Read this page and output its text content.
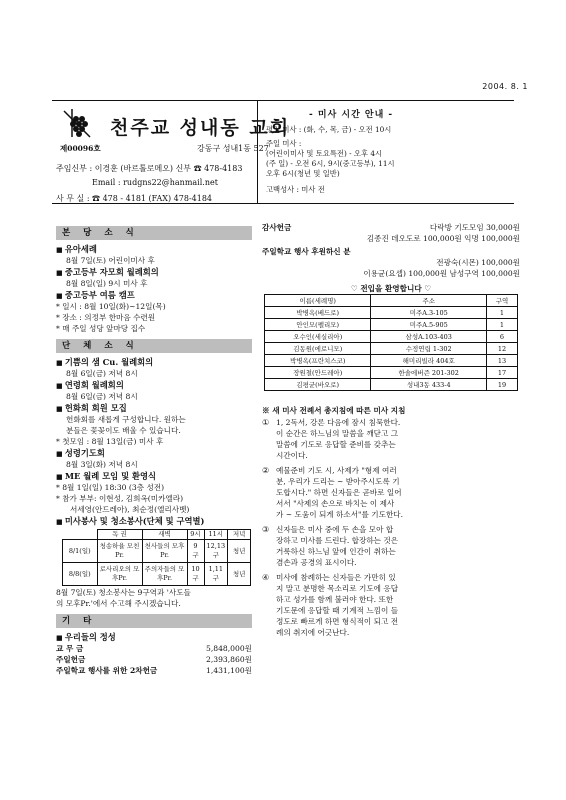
2004. 8. 1
제00096호
천주교 성내동 교회
강동구 성내1동 527
주임신부 : 이경훈 (바르톨로메오) 신부 ☎ 478-4183
Email : rudgns22@hanmail.net
사 무 실 : ☎ 478 - 4181 (FAX) 478-4184
- 미사 시간 안내 -
평일 미사 : (화, 수, 목, 금) - 오전 10시
주일 미사 :
(어린이미사 및 토요특전) - 오후 4시
(주 일) - 오전 6시, 9시(중고등부), 11시
오후 6시(청년 및 일반)
고백성사 : 미사 전
본 당 소 식
■ 유아세례
8월 7일(토) 어린이미사 후
■ 중고등부 자모회 월례회의
8월 8일(일) 9시 미사 후
■ 중고등부 여름 캠프
* 일시 : 8월 10일(화)~12일(목)
* 장소 : 의정부 한마음 수련원
* 매 주일 성당 앞마당 집수
단 체 소 식
■ 기쁨의 샘 Cu. 월례회의
8월 6일(금) 저녁 8시
■ 연령회 월례회의
8월 6일(금) 저녁 8시
■ 헌화회 회원 모집
헌화회를 새롭게 구성합니다. 원하는
분들은 꽃꽂이도 배울 수 있습니다.
* 첫모임 : 8월 13일(금) 미사 후
■ 성령기도회
8월 3일(화) 저녁 8시
■ ME 월례 모임 및 환영식
* 8월 1일(일) 18:30 (3층 성전)
* 참가 부부: 이현성, 김희옥(미카엘라)
서세영(안드레아), 최순정(엘리사벳)
■ 미사봉사 및 청소봉사(단체 및 구역별)
	독 권	새벽	9시	11시	저녁
8/1(일)	청송하율 모친Pr.	천사들의 모후Pr.	9 구	12,13 구	청년
8/8(일)	로사리오의 모후Pr.	주의자들의 모후Pr.	10 구	1,11 구	청년
8월 7일(토) 청소봉사는 9구역과 '사도들
의 모후Pr.'에서 수고해 주시겠습니다.
기 타
■ 우리들의 정성
교 무 금	5,848,000원
주일헌금	2,393,860원
주일학교 행사를 위한 2차헌금	1,431,100원
감사헌금	다락방 기도모임 30,000원
김종진 데오도로 100,000원 익명 100,000원
주일학교 행사 후원하신 분
전광숙(시몬) 100,000원
이용균(요셉) 100,000원 남성구역 100,000원
♡ 전입을 환영합니다 ♡
이름(세례명)	주소	구역
박병옥(베드로)	미주A.3-105	1
안인모(펠리모)	미주A.5-905	1
오수인(세실리아)	삼성A.103-403	6
김동원(에로니모)	수정연립 1-302	12
박병옥(프란치스코)	해미리빌라 404호	13
장원철(안드레아)	한솔에버즌 201-302	17
김평균(바오로)	성내3동 433-4	19
※ 새 미사 전례서 총지침에 따른 미사 지침
① 1, 2독서, 강론 다음에 잠시 침묵한다.
이 순간은 하느님의 말씀을 깨닫고 그
말씀에 기도로 응답할 준비를 갖추는
시간이다.
② 예물준비 기도 시, 사제가 "형제 여러
분, 우리가 드리는 ~ 받아주시도록 기
도합시다." 하면 신자들은 곧바로 일어
서서 "사제의 손으로 바치는 이 제사
가 ~ 도움이 되게 하소서"를 기도한다.
③ 신자들은 미사 중에 두 손을 모아 합
장하고 미사를 드린다. 합장하는 것은
거룩하신 하느님 앞에 인간이 취하는
겸손과 공경의 표시이다.
④ 미사에 참례하는 신자들은 가만히 있
지 말고 분명한 목소리로 기도에 응답
하고 성가를 함께 불러야 한다. 또한
기도문에 응답할 때 기계적 느낌이 들
정도로 빠르게 하면 형식적이 되고 전
례의 취지에 어긋난다.
